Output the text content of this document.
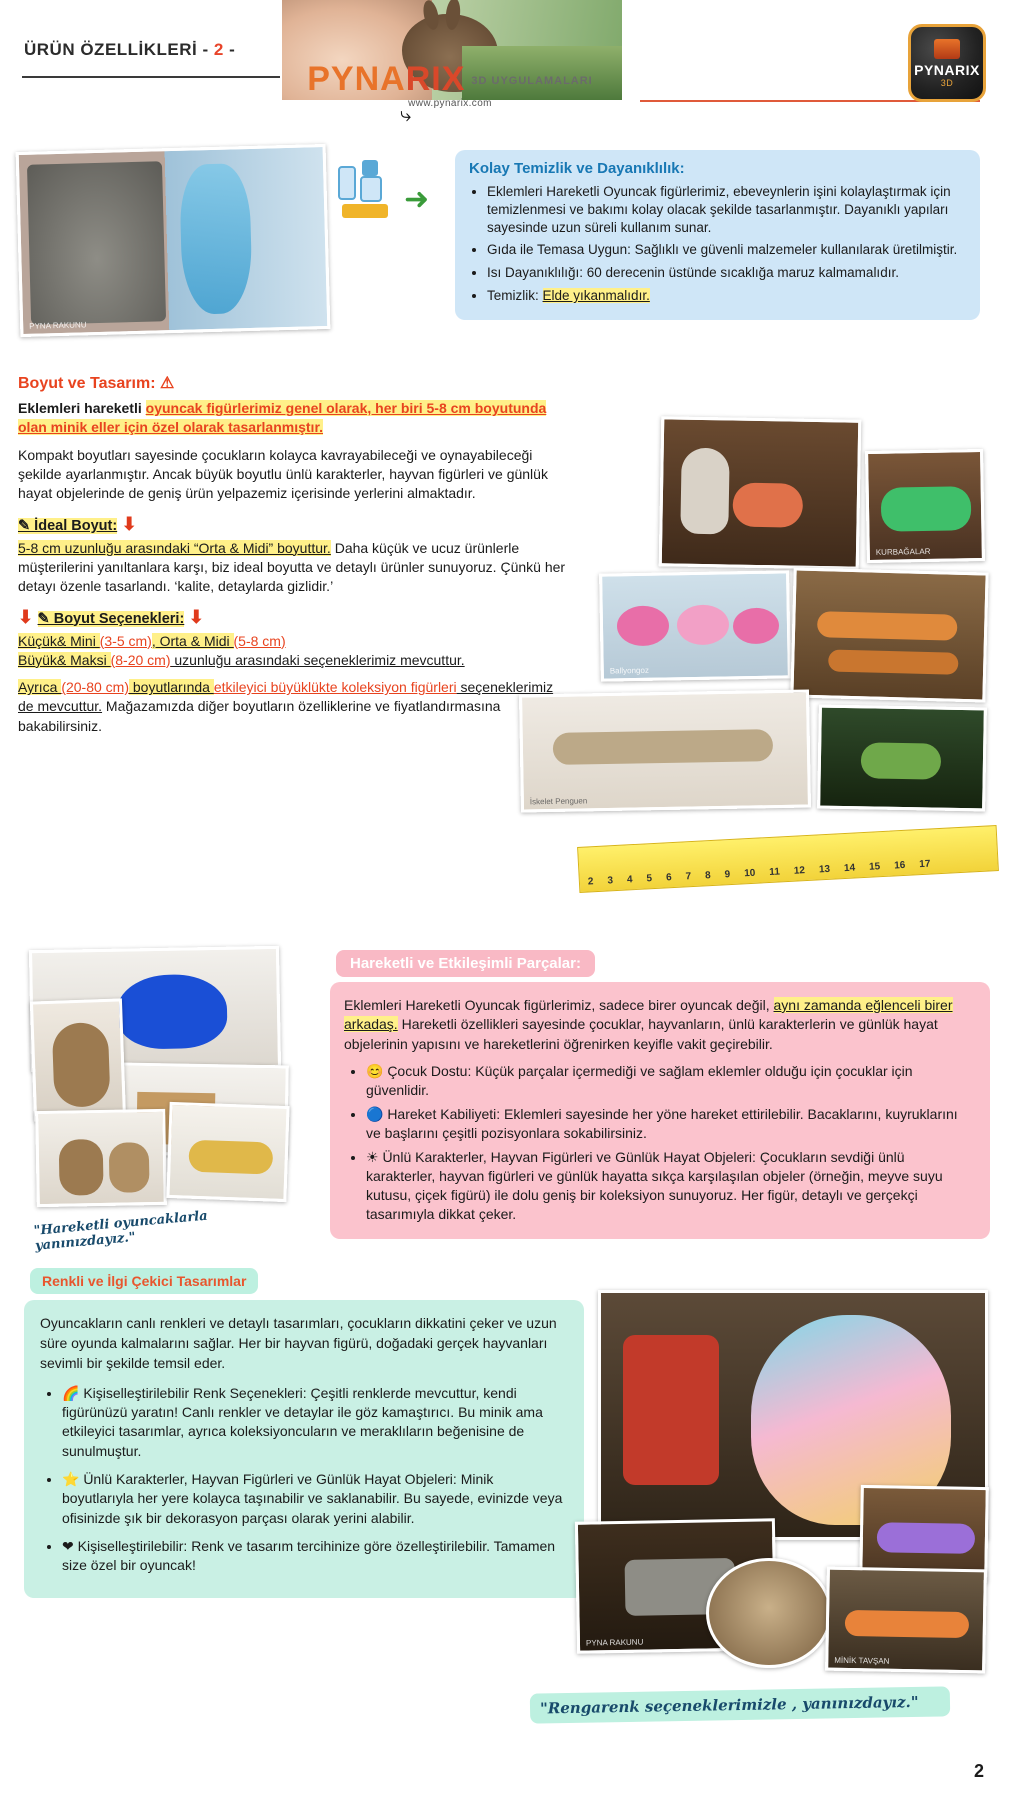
ÜRÜN ÖZELLİKLERİ - 2 -
PYNARIX 3D UYGULAMALARI
www.pynarix.com
⤷
PYNARIX
3D
PYNA RAKUNU
➜
Kolay Temizlik ve Dayanıklılık:
• Eklemleri Hareketli Oyuncak figürlerimiz, ebeveynlerin işini kolaylaştırmak için temizlenmesi ve bakımı kolay olacak şekilde tasarlanmıştır. Dayanıklı yapıları sayesinde uzun süreli kullanım sunar.
• Gıda ile Temasa Uygun: Sağlıklı ve güvenli malzemeler kullanılarak üretilmiştir.
• Isı Dayanıklılığı: 60 derecenin üstünde sıcaklığa maruz kalmamalıdır.
• Temizlik: Elde yıkanmalıdır.
Boyut ve Tasarım: ⚠

Eklemleri hareketli oyuncak figürlerimiz genel olarak, her biri 5-8 cm boyutunda olan minik eller için özel olarak tasarlanmıştır.

Kompakt boyutları sayesinde çocukların kolayca kavrayabileceği ve oynayabileceği şekilde ayarlanmıştır. Ancak büyük boyutlu ünlü karakterler, hayvan figürleri ve günlük hayat objelerinde de geniş ürün yelpazemiz içerisinde yerlerini almaktadır.

✎ İdeal Boyut: ⬇

5-8 cm uzunluğu arasındaki “Orta & Midi” boyuttur. Daha küçük ve ucuz ürünlerle müşterilerini yanıltanlara karşı, biz ideal boyutta ve detaylı ürünler sunuyoruz. Çünkü her detayı özenle tasarlandı. ‘kalite, detaylarda gizlidir.’

⬇ ✎ Boyut Seçenekleri: ⬇

Küçük& Mini (3-5 cm), Orta & Midi (5-8 cm)
Büyük& Maksi (8-20 cm) uzunluğu arasındaki seçeneklerimiz mevcuttur.

Ayrıca (20-80 cm) boyutlarında etkileyici büyüklükte koleksiyon figürleri seçeneklerimiz de mevcuttur. Mağazamızda diğer boyutların özelliklerine ve fiyatlandırmasına bakabilirsiniz.

KURBAĞALAR
Ballyongoz
İskelet Penguen
2 3 4 5 6 7 8 9 10 11 12 13 14 15 16 17
Hareketli ve Etkileşimli Parçalar:

Eklemleri Hareketli Oyuncak figürlerimiz, sadece birer oyuncak değil, aynı zamanda eğlenceli birer arkadaş. Hareketli özellikleri sayesinde çocuklar, hayvanların, ünlü karakterlerin ve günlük hayat objelerinin yapısını ve hareketlerini öğrenirken keyifle vakit geçirebilir.

• 😊 Çocuk Dostu: Küçük parçalar içermediği ve sağlam eklemler olduğu için çocuklar için güvenlidir.
• 🔵 Hareket Kabiliyeti: Eklemleri sayesinde her yöne hareket ettirilebilir. Bacaklarını, kuyruklarını ve başlarını çeşitli pozisyonlara sokabilirsiniz.
• ☀ Ünlü Karakterler, Hayvan Figürleri ve Günlük Hayat Objeleri: Çocukların sevdiği ünlü karakterler, hayvan figürleri ve günlük hayatta sıkça karşılaşılan objeler (örneğin, meyve suyu kutusu, çiçek figürü) ile dolu geniş bir koleksiyon sunuyoruz. Her figür, detaylı ve gerçekçi tasarımıyla dikkat çeker.
"Hareketli oyuncaklarla yanınızdayız."
Renkli ve İlgi Çekici Tasarımlar

Oyuncakların canlı renkleri ve detaylı tasarımları, çocukların dikkatini çeker ve uzun süre oyunda kalmalarını sağlar. Her bir hayvan figürü, doğadaki gerçek hayvanları sevimli bir şekilde temsil eder.

• 🌈 Kişiselleştirilebilir Renk Seçenekleri: Çeşitli renklerde mevcuttur, kendi figürünüzü yaratın! Canlı renkler ve detaylar ile göz kamaştırıcı. Bu minik ama etkileyici tasarımlar, ayrıca koleksiyoncuların ve meraklıların beğenisine de sunulmuştur.
• ⭐ Ünlü Karakterler, Hayvan Figürleri ve Günlük Hayat Objeleri: Minik boyutlarıyla her yere kolayca taşınabilir ve saklanabilir. Bu sayede, evinizde veya ofisinizde şık bir dekorasyon parçası olarak yerini alabilir.
• ❤ Kişiselleştirilebilir: Renk ve tasarım tercihinize göre özelleştirilebilir. Tamamen size özel bir oyuncak!
PYNA RAKUNU
MİNİK TAVŞAN
"Rengarenk seçeneklerimizle , yanınızdayız."
2
